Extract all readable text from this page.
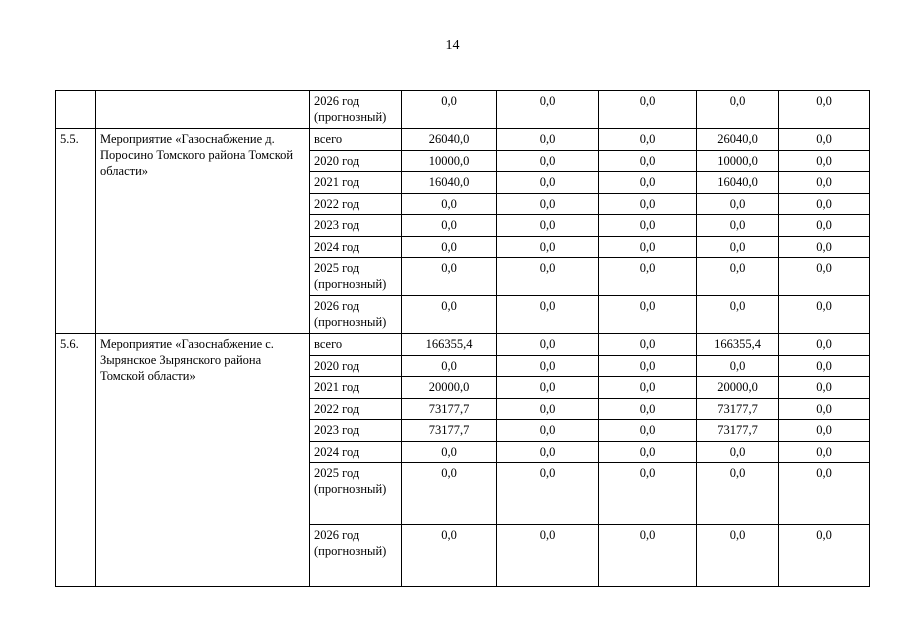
14
		2026 год (прогнозный)	0,0	0,0	0,0	0,0	0,0
5.5.	Мероприятие «Газоснабжение д. Поросино Томского района Томской области»	всего	26040,0	0,0	0,0	26040,0	0,0
		2020 год	10000,0	0,0	0,0	10000,0	0,0
		2021 год	16040,0	0,0	0,0	16040,0	0,0
		2022 год	0,0	0,0	0,0	0,0	0,0
		2023 год	0,0	0,0	0,0	0,0	0,0
		2024 год	0,0	0,0	0,0	0,0	0,0
		2025 год (прогнозный)	0,0	0,0	0,0	0,0	0,0
		2026 год (прогнозный)	0,0	0,0	0,0	0,0	0,0
5.6.	Мероприятие «Газоснабжение с. Зырянское Зырянского района Томской области»	всего	166355,4	0,0	0,0	166355,4	0,0
		2020 год	0,0	0,0	0,0	0,0	0,0
		2021 год	20000,0	0,0	0,0	20000,0	0,0
		2022 год	73177,7	0,0	0,0	73177,7	0,0
		2023 год	73177,7	0,0	0,0	73177,7	0,0
		2024 год	0,0	0,0	0,0	0,0	0,0
		2025 год (прогнозный)	0,0	0,0	0,0	0,0	0,0
		2026 год (прогнозный)	0,0	0,0	0,0	0,0	0,0
